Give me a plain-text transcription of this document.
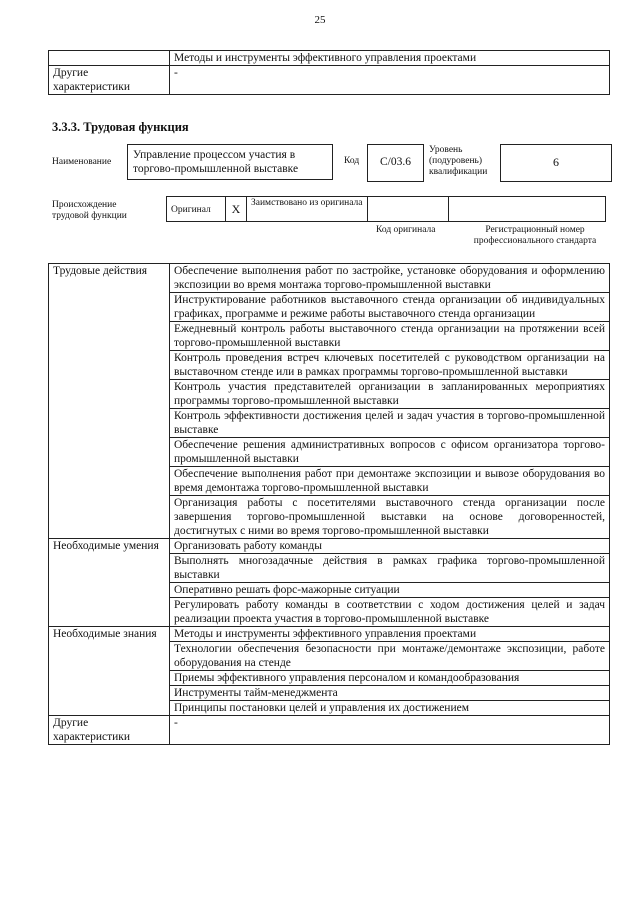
25
	Методы и инструменты эффективного управления проектами
Другие характеристики	-
3.3.3. Трудовая функция
Наименование
Управление процессом участия в торгово-промышленной выставке
Код	C/03.6
Уровень (подуровень) квалификации
6
Происхождение трудовой функции
Оригинал	X	Заимствовано из оригинала
Код оригинала	Регистрационный номер профессионального стандарта
Трудовые действия	Обеспечение выполнения работ по застройке, установке оборудования и оформлению экспозиции во время монтажа торгово-промышленной выставки
	Инструктирование работников выставочного стенда организации об индивидуальных графиках, программе и режиме работы выставочного стенда организации
	Ежедневный контроль работы выставочного стенда организации на протяжении всей торгово-промышленной выставки
	Контроль проведения встреч ключевых посетителей с руководством организации на выставочном стенде или в рамках программы торгово-промышленной выставки
	Контроль участия представителей организации в запланированных мероприятиях программы торгово-промышленной выставки
	Контроль эффективности достижения целей и задач участия в торгово-промышленной выставке
	Обеспечение решения административных вопросов с офисом организатора торгово-промышленной выставки
	Обеспечение выполнения работ при демонтаже экспозиции и вывозе оборудования во время демонтажа торгово-промышленной выставки
	Организация работы с посетителями выставочного стенда организации после завершения торгово-промышленной выставки на основе договоренностей, достигнутых с ними во время торгово-промышленной выставки
Необходимые умения	Организовать работу команды
	Выполнять многозадачные действия в рамках графика торгово-промышленной выставки
	Оперативно решать форс-мажорные ситуации
	Регулировать работу команды в соответствии с ходом достижения целей и задач реализации проекта участия в торгово-промышленной выставке
Необходимые знания	Методы и инструменты эффективного управления проектами
	Технологии обеспечения безопасности при монтаже/демонтаже экспозиции, работе оборудования на стенде
	Приемы эффективного управления персоналом и командообразования
	Инструменты тайм-менеджмента
	Принципы постановки целей и управления их достижением
Другие характеристики	-
